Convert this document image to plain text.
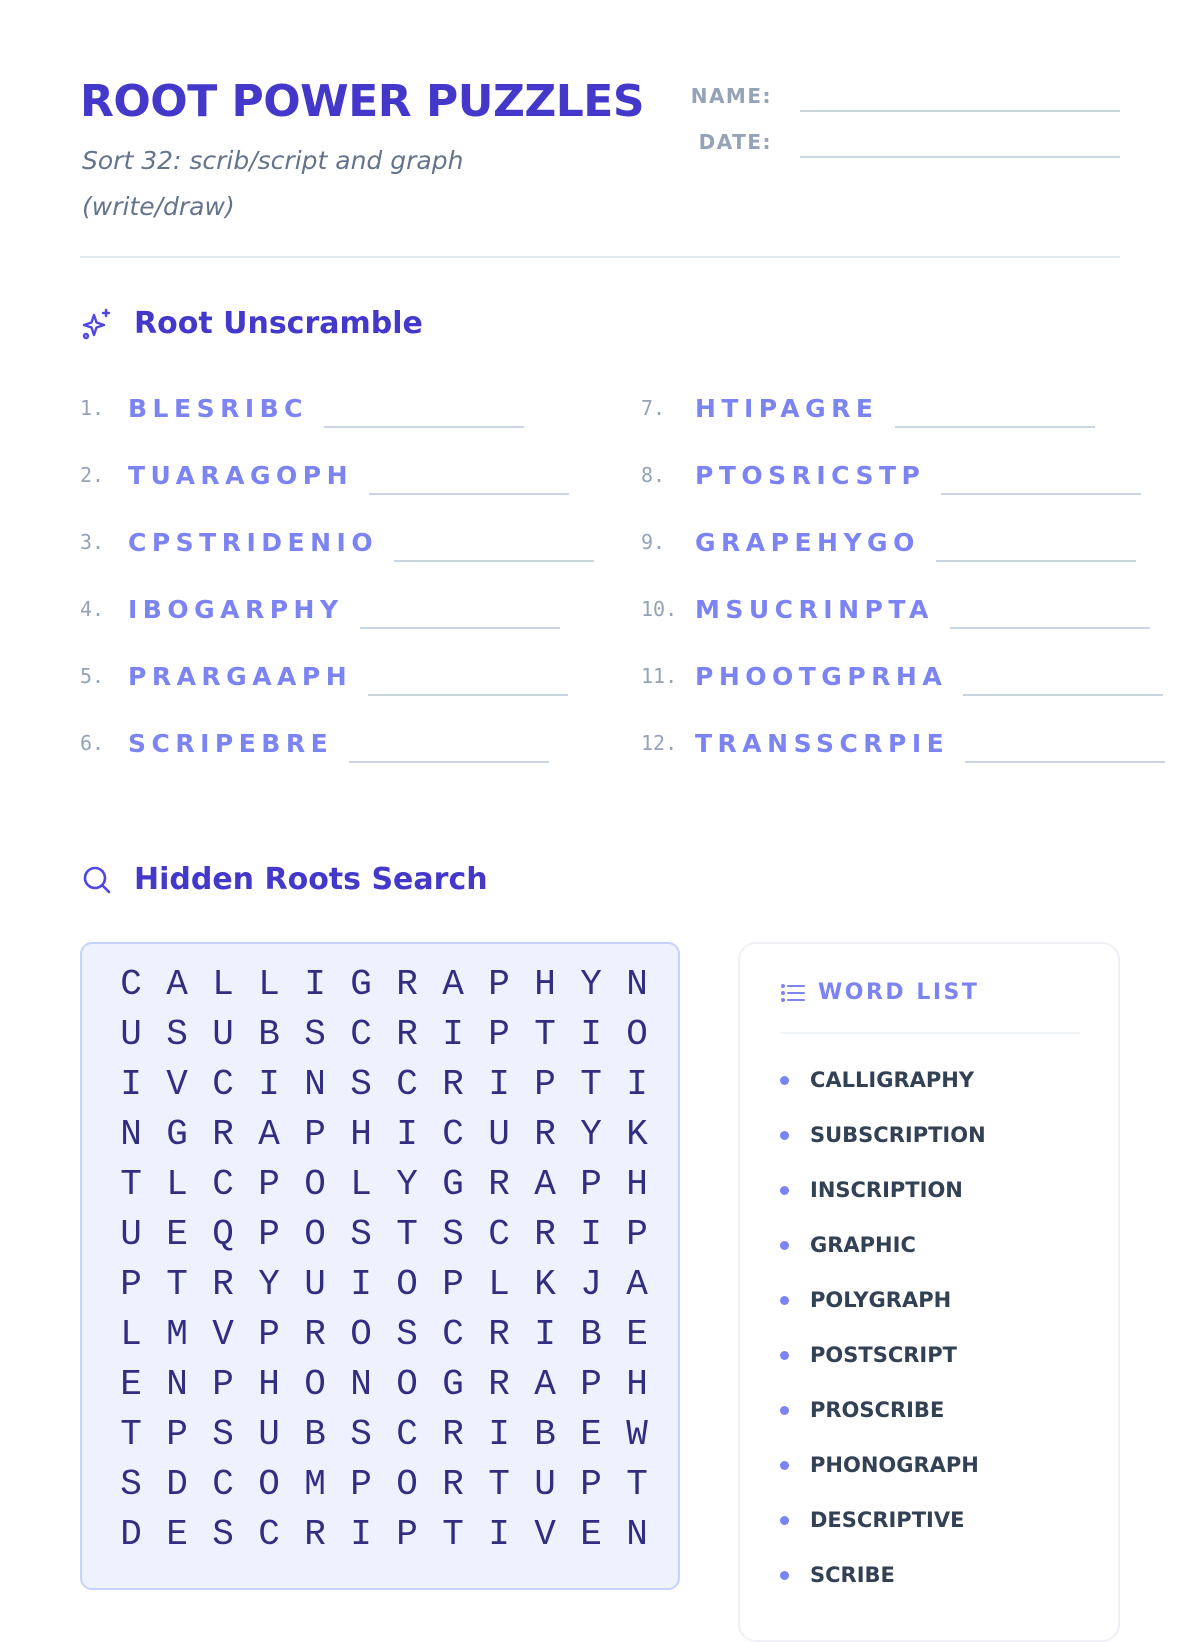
ROOT POWER PUZZLES
Sort 32: scrib/script and graph (write/draw)
NAME:
DATE:
Root Unscramble
1. BLESRIBC
2. TUARAGOPH
3. CPSTRIDENIO
4. IBOGARPHY
5. PRARGAAPH
6. SCRIPEBRE
7.	HTIPAGRE
8.	PTOSRICSTP
9.	GRAPEHYGO
10. MSUCRINPTA
11. PHOOTGPRHA
12. TRANSSCRPIE
Hidden Roots Search
C A L L I G R A P H Y N
U S U B S C R I P T I O
I V C I N S C R I P T I
N G R A P H I C U R Y K
T L C P O L Y G R A P H
U E Q P O S T S C R I P
P T R Y U I O P L K J A
L M V P R O S C R I B E
E N P H O N O G R A P H
T P S U B S C R I B E W
S D C O M P O R T U P T
D E S C R I P T I V E N
WORD LIST
CALLIGRAPHY
SUBSCRIPTION
INSCRIPTION
GRAPHIC
POLYGRAPH
POSTSCRIPT
PROSCRIBE
PHONOGRAPH
DESCRIPTIVE
SCRIBE
